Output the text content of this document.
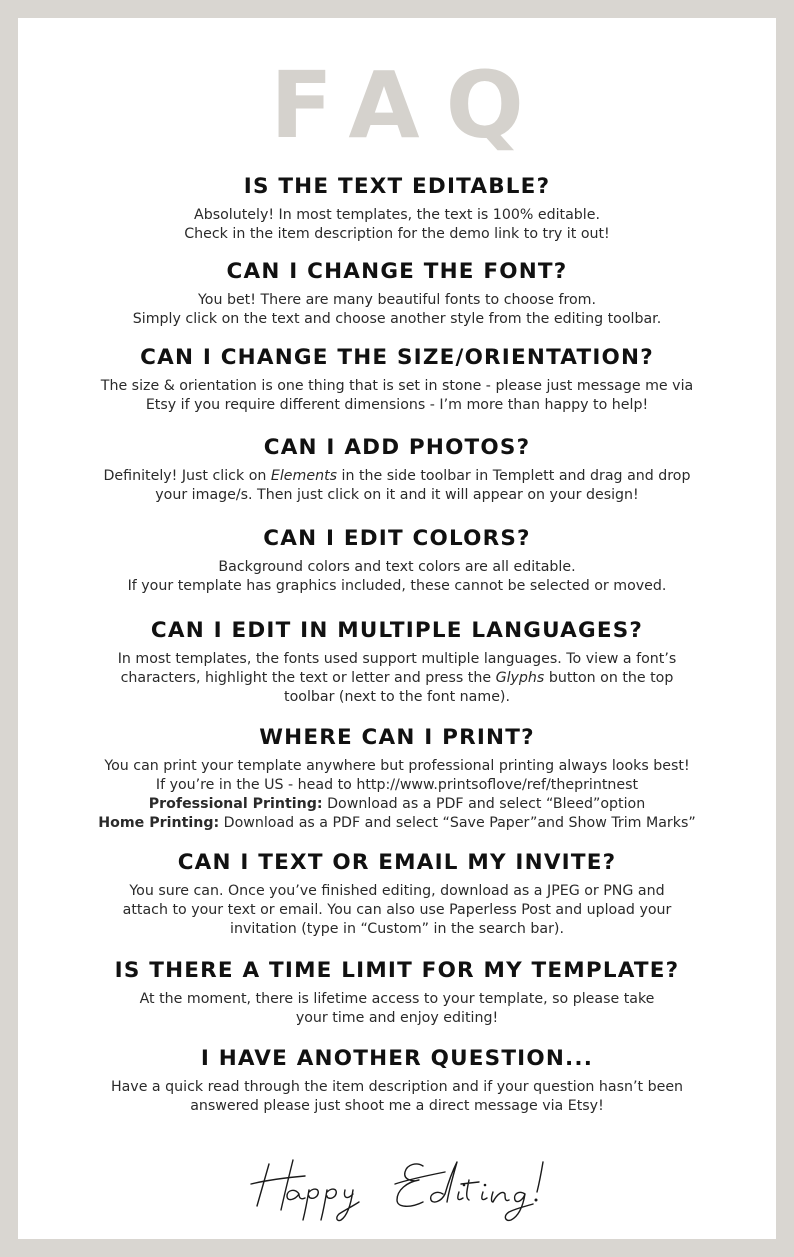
FAQ
IS THE TEXT EDITABLE?

Absolutely! In most templates, the text is 100% editable.
Check in the item description for the demo link to try it out!

CAN I CHANGE THE FONT?

You bet! There are many beautiful fonts to choose from.
Simply click on the text and choose another style from the editing toolbar.

CAN I CHANGE THE SIZE/ORIENTATION?

The size & orientation is one thing that is set in stone - please just message me via
Etsy if you require different dimensions - I’m more than happy to help!

CAN I ADD PHOTOS?

Definitely! Just click on Elements in the side toolbar in Templett and drag and drop
your image/s. Then just click on it and it will appear on your design!

CAN I EDIT COLORS?

Background colors and text colors are all editable.
If your template has graphics included, these cannot be selected or moved.

CAN I EDIT IN MULTIPLE LANGUAGES?

In most templates, the fonts used support multiple languages. To view a font’s
characters, highlight the text or letter and press the Glyphs button on the top
toolbar (next to the font name).

WHERE CAN I PRINT?

You can print your template anywhere but professional printing always looks best!
If you’re in the US - head to http://www.printsoflove/ref/theprintnest
Professional Printing: Download as a PDF and select “Bleed”option
Home Printing: Download as a PDF and select “Save Paper”and Show Trim Marks”

CAN I TEXT OR EMAIL MY INVITE?

You sure can. Once you’ve finished editing, download as a JPEG or PNG and
attach to your text or email. You can also use Paperless Post and upload your
invitation (type in “Custom” in the search bar).

IS THERE A TIME LIMIT FOR MY TEMPLATE?

At the moment, there is lifetime access to your template, so please take
your time and enjoy editing!

I HAVE ANOTHER QUESTION...

Have a quick read through the item description and if your question hasn’t been
answered please just shoot me a direct message via Etsy!
